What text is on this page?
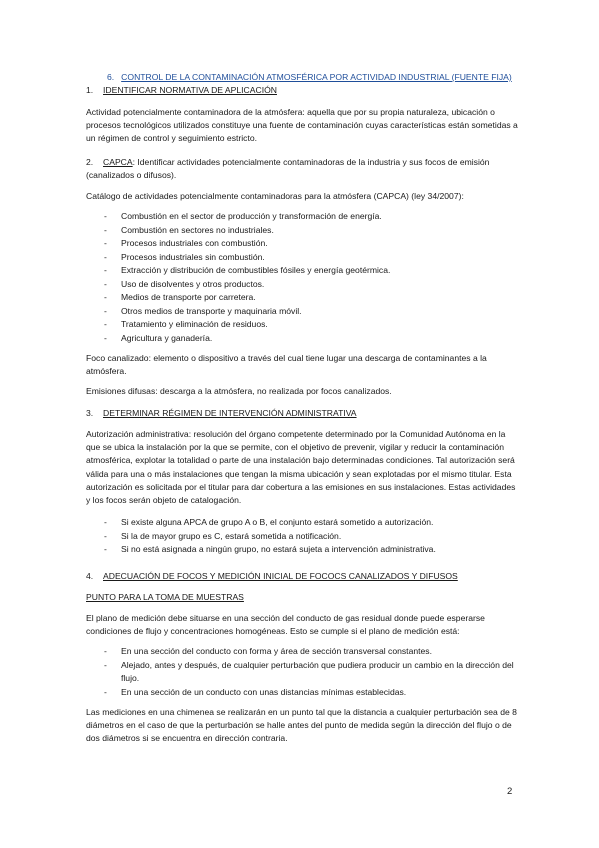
6. CONTROL DE LA CONTAMINACIÓN ATMOSFÉRICA POR ACTIVIDAD INDUSTRIAL (FUENTE FIJA)
1. IDENTIFICAR NORMATIVA DE APLICACIÓN

Actividad potencialmente contaminadora de la atmósfera: aquella que por su propia naturaleza, ubicación o procesos tecnológicos utilizados constituye una fuente de contaminación cuyas características están sometidas a un régimen de control y seguimiento estricto.

2. CAPCA: Identificar actividades potencialmente contaminadoras de la industria y sus focos de emisión (canalizados o difusos).

Catálogo de actividades potencialmente contaminadoras para la atmósfera (CAPCA) (ley 34/2007):

- Combustión en el sector de producción y transformación de energía.
- Combustión en sectores no industriales.
- Procesos industriales con combustión.
- Procesos industriales sin combustión.
- Extracción y distribución de combustibles fósiles y energía geotérmica.
- Uso de disolventes y otros productos.
- Medios de transporte por carretera.
- Otros medios de transporte y maquinaria móvil.
- Tratamiento y eliminación de residuos.
- Agricultura y ganadería.

Foco canalizado: elemento o dispositivo a través del cual tiene lugar una descarga de contaminantes a la atmósfera.

Emisiones difusas: descarga a la atmósfera, no realizada por focos canalizados.

3. DETERMINAR RÉGIMEN DE INTERVENCIÓN ADMINISTRATIVA

Autorización administrativa: resolución del órgano competente determinado por la Comunidad Autónoma en la que se ubica la instalación por la que se permite, con el objetivo de prevenir, vigilar y reducir la contaminación atmosférica, explotar la totalidad o parte de una instalación bajo determinadas condiciones. Tal autorización será válida para una o más instalaciones que tengan la misma ubicación y sean explotadas por el mismo titular. Esta autorización es solicitada por el titular para dar cobertura a las emisiones en sus instalaciones. Estas actividades y los focos serán objeto de catalogación.

- Si existe alguna APCA de grupo A o B, el conjunto estará sometido a autorización.
- Si la de mayor grupo es C, estará sometida a notificación.
- Si no está asignada a ningún grupo, no estará sujeta a intervención administrativa.
4. ADECUACIÓN DE FOCOS Y MEDICIÓN INICIAL DE FOCOCS CANALIZADOS Y DIFUSOS
PUNTO PARA LA TOMA DE MUESTRAS

El plano de medición debe situarse en una sección del conducto de gas residual donde puede esperarse condiciones de flujo y concentraciones homogéneas. Esto se cumple si el plano de medición está:

- En una sección del conducto con forma y área de sección transversal constantes.
- Alejado, antes y después, de cualquier perturbación que pudiera producir un cambio en la dirección del flujo.
- En una sección de un conducto con unas distancias mínimas establecidas.

Las mediciones en una chimenea se realizarán en un punto tal que la distancia a cualquier perturbación sea de 8 diámetros en el caso de que la perturbación se halle antes del punto de medida según la dirección del flujo o de dos diámetros si se encuentra en dirección contraria.

2
